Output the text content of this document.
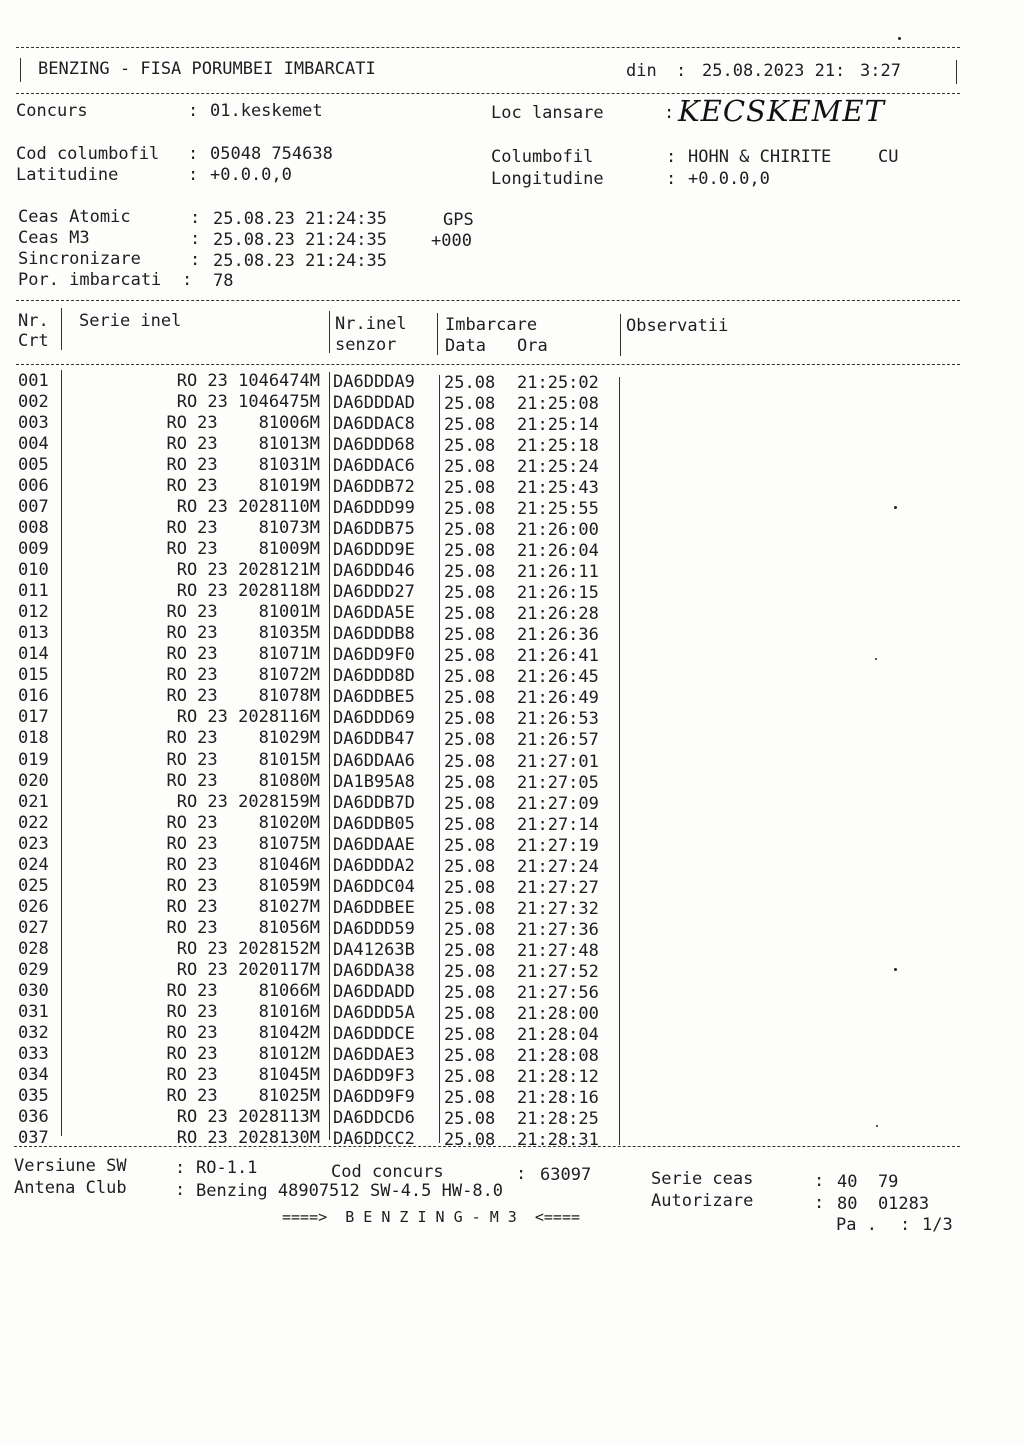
BENZING - FISA PORUMBEI IMBARCATI	din : 25.08.2023 21: 3:27
Concurs	: 01.keskemet	Loc lansare	: KECSKEMET
Cod columbofil : 05048 754638	Columbofil	: HOHN & CHIRITE	CU
Latitudine	: +0.0.0,0	Longitudine	: +0.0.0,0
Ceas Atomic	: 25.08.23 21:24:35	GPS
Ceas M3	: 25.08.23 21:24:35	+000
Sincronizare	: 25.08.23 21:24:35
Por. imbarcati : 78
Nr.
Crt
Serie inel	Nr.inel
senzor
Imbarcare
Data Ora
Observatii
001	RO 23 1046474M DA6DDDA9 25.08 21:25:02
002	RO 23 1046475M DA6DDDAD 25.08 21:25:08
003	RO 23    81006M DA6DDAC8 25.08 21:25:14
004	RO 23    81013M DA6DDD68 25.08 21:25:18
005	RO 23    81031M DA6DDAC6 25.08 21:25:24
006	RO 23    81019M DA6DDB72 25.08 21:25:43
007	RO 23 2028110M DA6DDD99 25.08 21:25:55
008	RO 23    81073M DA6DDB75 25.08 21:26:00
009	RO 23    81009M DA6DDD9E 25.08 21:26:04
010	RO 23 2028121M DA6DDD46 25.08 21:26:11
011	RO 23 2028118M DA6DDD27 25.08 21:26:15
012	RO 23    81001M DA6DDA5E 25.08 21:26:28
013	RO 23    81035M DA6DDDB8 25.08 21:26:36
014	RO 23    81071M DA6DD9F0 25.08 21:26:41
015	RO 23    81072M DA6DDD8D 25.08 21:26:45
016	RO 23    81078M DA6DDBE5 25.08 21:26:49
017	RO 23 2028116M DA6DDD69 25.08 21:26:53
018	RO 23    81029M DA6DDB47 25.08 21:26:57
019	RO 23    81015M DA6DDAA6 25.08 21:27:01
020	RO 23    81080M DA1B95A8 25.08 21:27:05
021	RO 23 2028159M DA6DDB7D 25.08 21:27:09
022	RO 23    81020M DA6DDB05 25.08 21:27:14
023	RO 23    81075M DA6DDAAE 25.08 21:27:19
024	RO 23    81046M DA6DDDA2 25.08 21:27:24
025	RO 23    81059M DA6DDC04 25.08 21:27:27
026	RO 23    81027M DA6DDBEE 25.08 21:27:32
027	RO 23    81056M DA6DDD59 25.08 21:27:36
028	RO 23 2028152M DA41263B 25.08 21:27:48
029	RO 23 2020117M DA6DDA38 25.08 21:27:52
030	RO 23    81066M DA6DDADD 25.08 21:27:56
031	RO 23    81016M DA6DDD5A 25.08 21:28:00
032	RO 23    81042M DA6DDDCE 25.08 21:28:04
033	RO 23    81012M DA6DDAE3 25.08 21:28:08
034	RO 23    81045M DA6DD9F3 25.08 21:28:12
035	RO 23    81025M DA6DD9F9 25.08 21:28:16
036	RO 23 2028113M DA6DDCD6 25.08 21:28:25
037	RO 23 2028130M DA6DDCC2 25.08 21:28:31
Versiune SW	: RO-1.1	Cod concurs	: 63097	Serie ceas	: 40  79
Antena Club	: Benzing 48907512 SW-4.5 HW-8.0	Autorizare	: 80  01283
====>  B E N Z I N G - M 3  <====	Pa . : 1/3
